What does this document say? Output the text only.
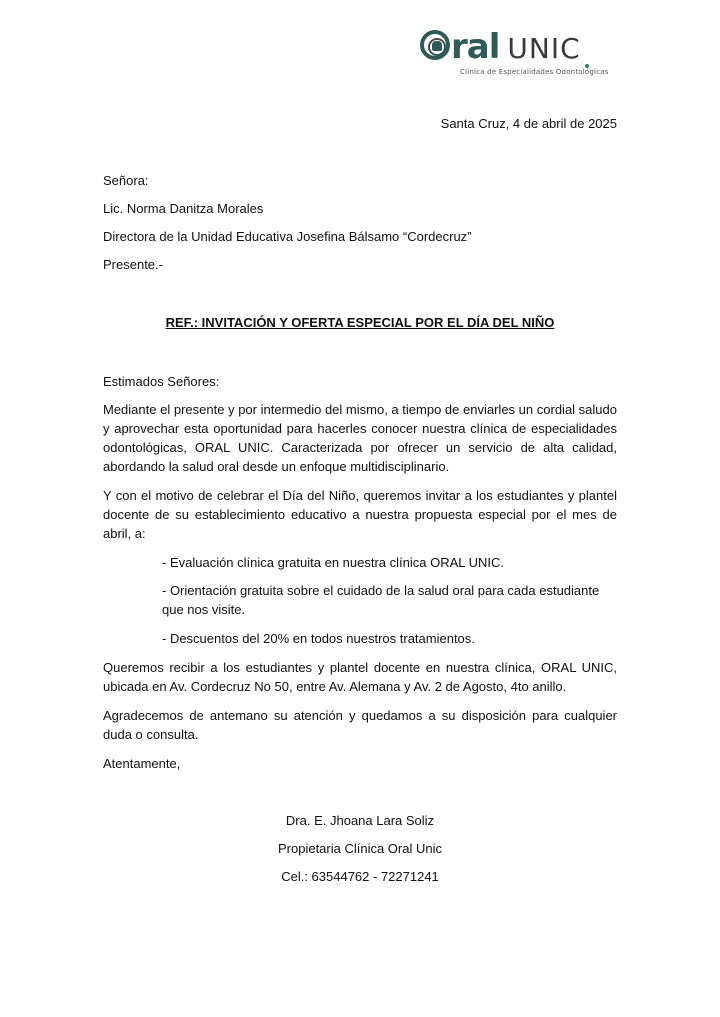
ral UNIC
Clínica de Especialidades Odontológicas
Santa Cruz, 4 de abril de 2025
Señora:
Lic. Norma Danitza Morales
Directora de la Unidad Educativa Josefina Bálsamo “Cordecruz”
Presente.-
REF.: INVITACIÓN Y OFERTA ESPECIAL POR EL DÍA DEL NIÑO
Estimados Señores:
Mediante el presente y por intermedio del mismo, a tiempo de enviarles un cordial saludo y aprovechar esta oportunidad para hacerles conocer nuestra clínica de especialidades odontológicas, ORAL UNIC. Caracterizada por ofrecer un servicio de alta calidad, abordando la salud oral desde un enfoque multidisciplinario.
Y con el motivo de celebrar el Día del Niño, queremos invitar a los estudiantes y plantel docente de su establecimiento educativo a nuestra propuesta especial por el mes de abril, a:
- Evaluación clínica gratuita en nuestra clínica ORAL UNIC.
- Orientación gratuita sobre el cuidado de la salud oral para cada estudiante que nos visite.
- Descuentos del 20% en todos nuestros tratamientos.
Queremos recibir a los estudiantes y plantel docente en nuestra clínica, ORAL UNIC, ubicada en Av. Cordecruz No 50, entre Av. Alemana y Av. 2 de Agosto, 4to anillo.
Agradecemos de antemano su atención y quedamos a su disposición para cualquier duda o consulta.
Atentamente,
Dra. E. Jhoana Lara Soliz
Propietaria Clínica Oral Unic
Cel.: 63544762 - 72271241
